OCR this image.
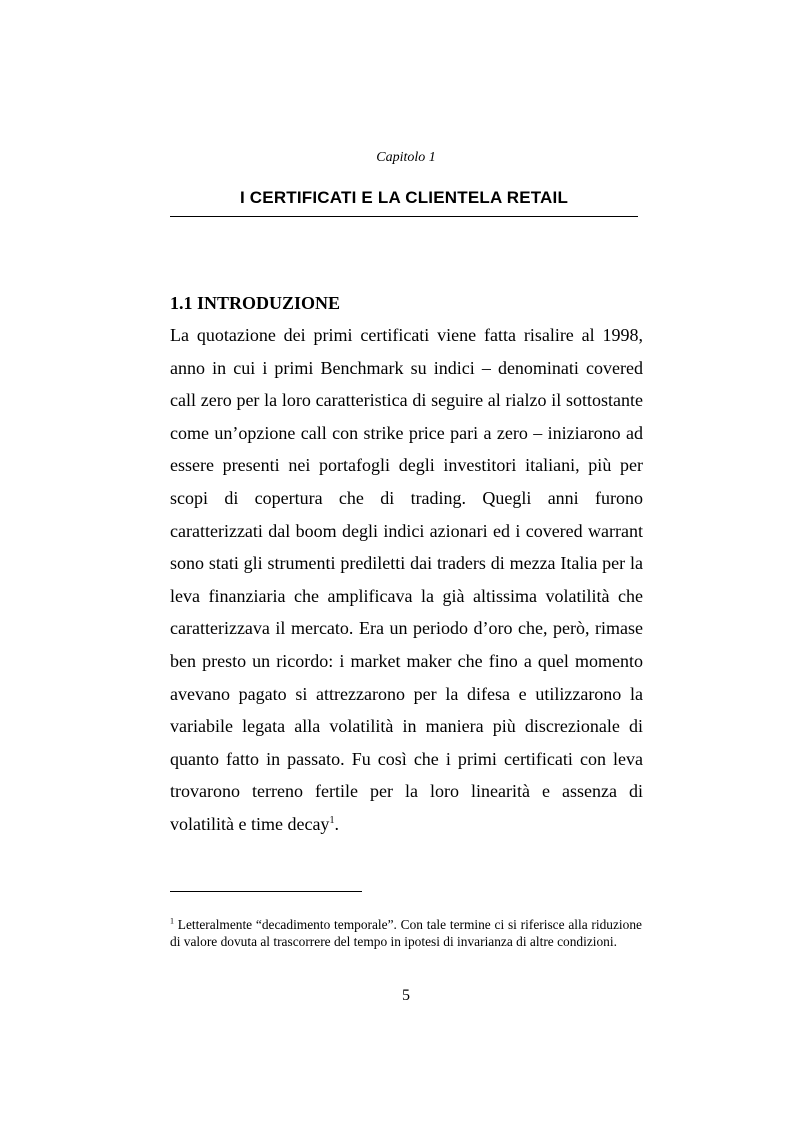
Capitolo 1
I CERTIFICATI E LA CLIENTELA RETAIL
1.1 INTRODUZIONE

La quotazione dei primi certificati viene fatta risalire al 1998, anno in cui i primi Benchmark su indici – denominati covered call zero per la loro caratteristica di seguire al rialzo il sottostante come un’opzione call con strike price pari a zero – iniziarono ad essere presenti nei portafogli degli investitori italiani, più per scopi di copertura che di trading. Quegli anni furono caratterizzati dal boom degli indici azionari ed i covered warrant sono stati gli strumenti prediletti dai traders di mezza Italia per la leva finanziaria che amplificava la già altissima volatilità che caratterizzava il mercato. Era un periodo d’oro che, però, rimase ben presto un ricordo: i market maker che fino a quel momento avevano pagato si attrezzarono per la difesa e utilizzarono la variabile legata alla volatilità in maniera più discrezionale di quanto fatto in passato. Fu così che i primi certificati con leva trovarono terreno fertile per la loro linearità e assenza di volatilità e time decay$^1$.

$^1$ Letteralmente “decadimento temporale”. Con tale termine ci si riferisce alla riduzione di valore dovuta al trascorrere del tempo in ipotesi di invarianza di altre condizioni.

5
